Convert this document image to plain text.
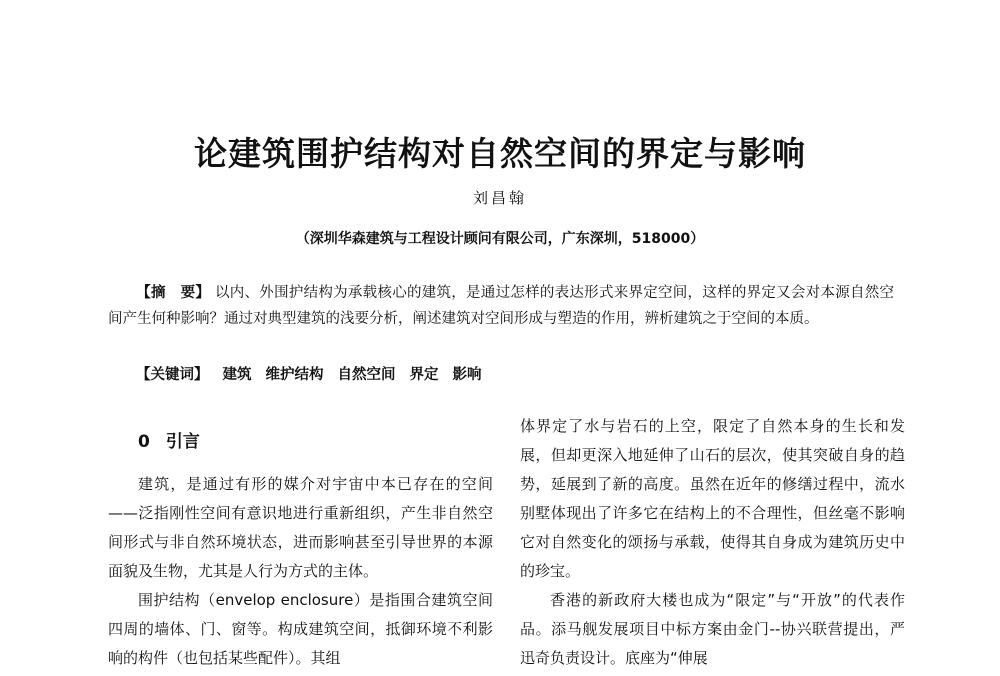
论建筑围护结构对自然空间的界定与影响
刘昌翰
（深圳华森建筑与工程设计顾问有限公司，广东深圳，518000）
【摘　要】 以内、外围护结构为承载核心的建筑，是通过怎样的表达形式来界定空间，这样的界定又会对本源自然空间产生何种影响？通过对典型建筑的浅要分析，阐述建筑对空间形成与塑造的作用，辨析建筑之于空间的本质。
【关键词】 建筑 维护结构 自然空间 界定 影响
0 引言

建筑，是通过有形的媒介对宇宙中本已存在的空间——泛指刚性空间有意识地进行重新组织，产生非自然空间形式与非自然环境状态，进而影响甚至引导世界的本源面貌及生物，尤其是人行为方式的主体。

围护结构（envelop enclosure）是指围合建筑空间四周的墙体、门、窗等。构成建筑空间，抵御环境不利影响的构件（也包括某些配件）。其组

体界定了水与岩石的上空，限定了自然本身的生长和发展，但却更深入地延伸了山石的层次，使其突破自身的趋势，延展到了新的高度。虽然在近年的修缮过程中，流水别墅体现出了许多它在结构上的不合理性，但丝毫不影响它对自然变化的颂扬与承载，使得其自身成为建筑历史中的珍宝。

香港的新政府大楼也成为“限定”与“开放”的代表作品。添马舰发展项目中标方案由金门--协兴联营提出，严迅奇负责设计。底座为“伸展
